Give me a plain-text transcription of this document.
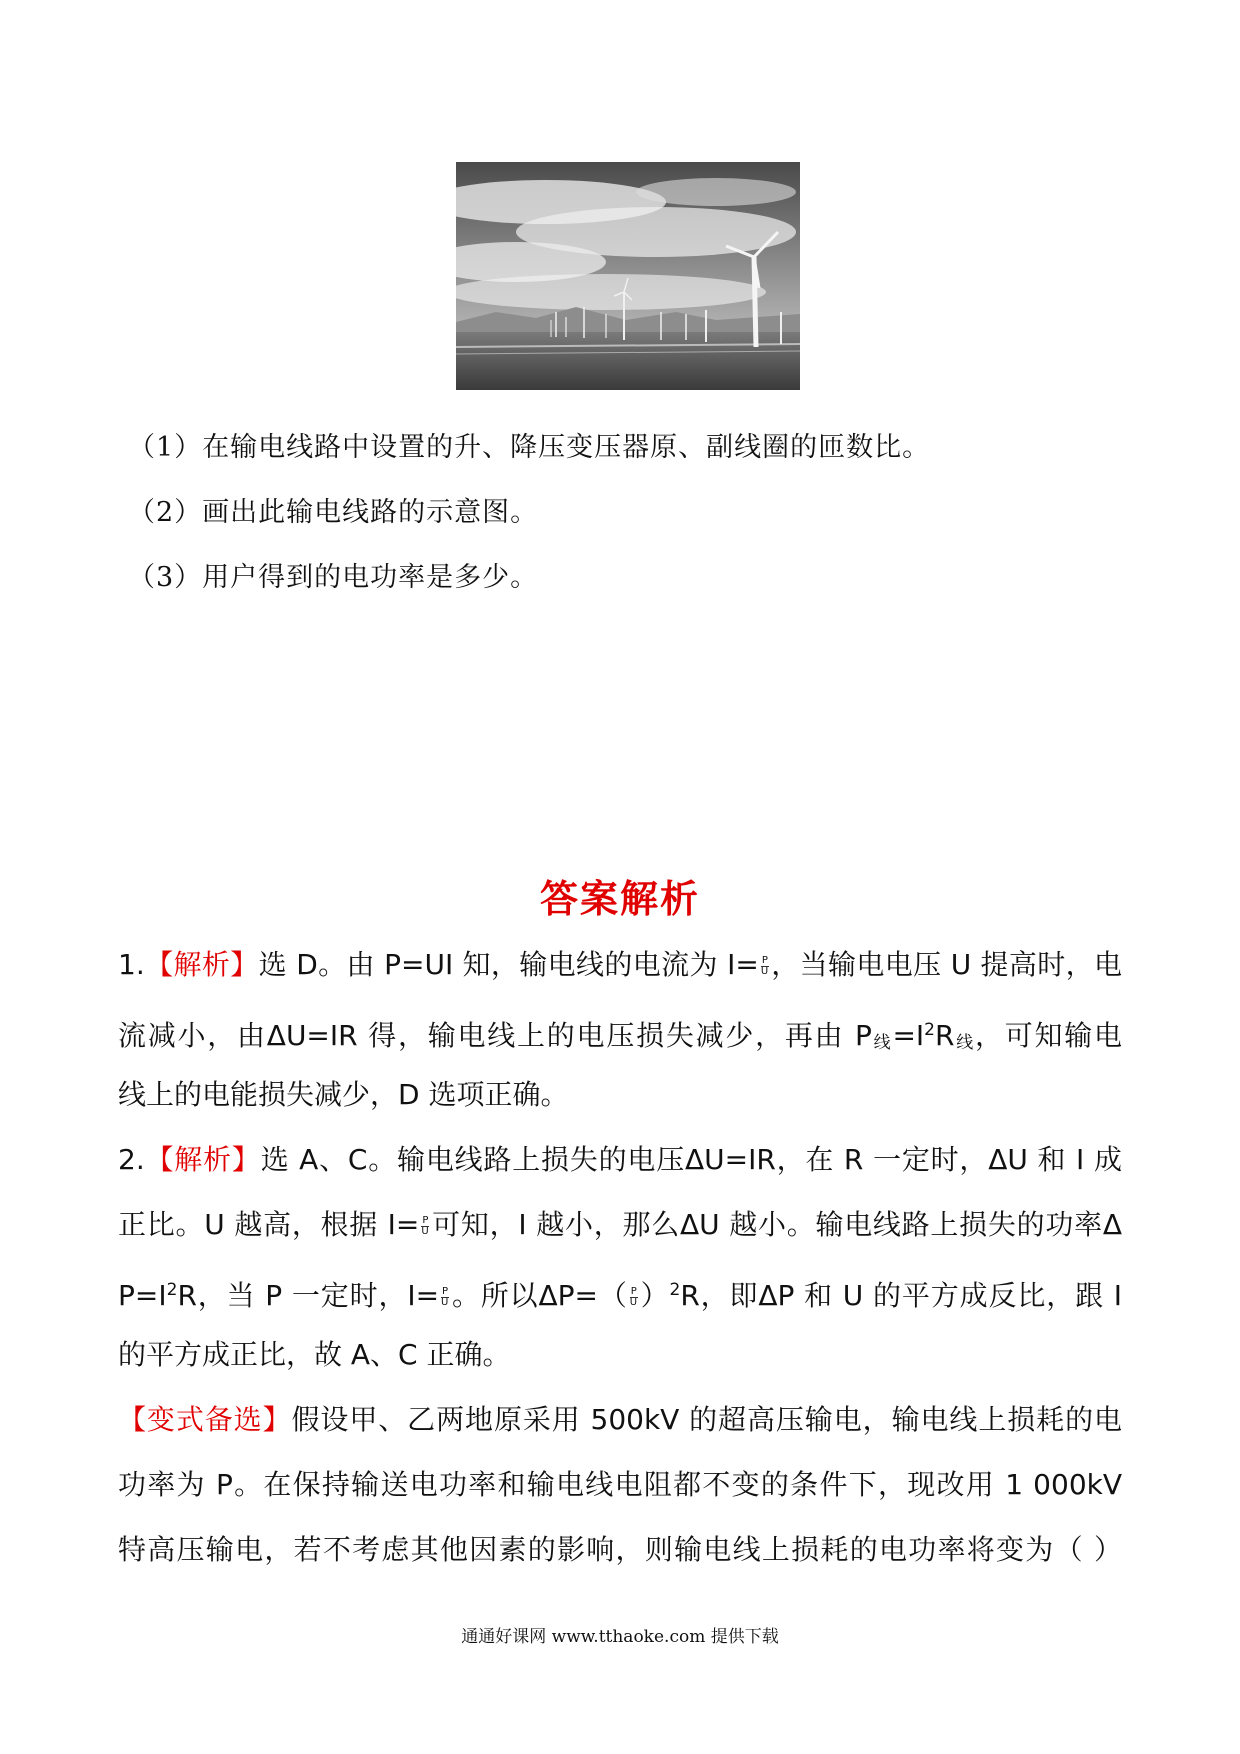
（1）在输电线路中设置的升、降压变压器原、副线圈的匝数比。
（2）画出此输电线路的示意图。
（3）用户得到的电功率是多少。
答案解析
1.【解析】选 D。由 P=UI 知，输电线的电流为 $I= \frac{P}{U}$ ，当输电电压 U 提高时，电
流减小，由ΔU=IR 得，输电线上的电压损失减少，再由 P线$=I^2R$线，可知输电
线上的电能损失减少，D 选项正确。
2.【解析】选 A、C。输电线路上损失的电压ΔU=IR，在 R 一定时，ΔU 和 I 成
正比。U 越高，根据 $I= \frac{P}{U}$ 可知，I 越小，那么ΔU 越小。输电线路上损失的功率Δ
$P=I^2R$，当 P 一定时，$I= \frac{P}{U}$ 。所以$\Delta P=( \frac{P}{U} )^2R$，即ΔP 和 U 的平方成反比，跟 I
的平方成正比，故 A、C 正确。
【变式备选】假设甲、乙两地原采用 500kV 的超高压输电，输电线上损耗的电
功率为 P。在保持输送电功率和输电线电阻都不变的条件下，现改用 1 000kV
特高压输电，若不考虑其他因素的影响，则输电线上损耗的电功率将变为（ ）
通通好课网 www.tthaoke.com 提供下载
